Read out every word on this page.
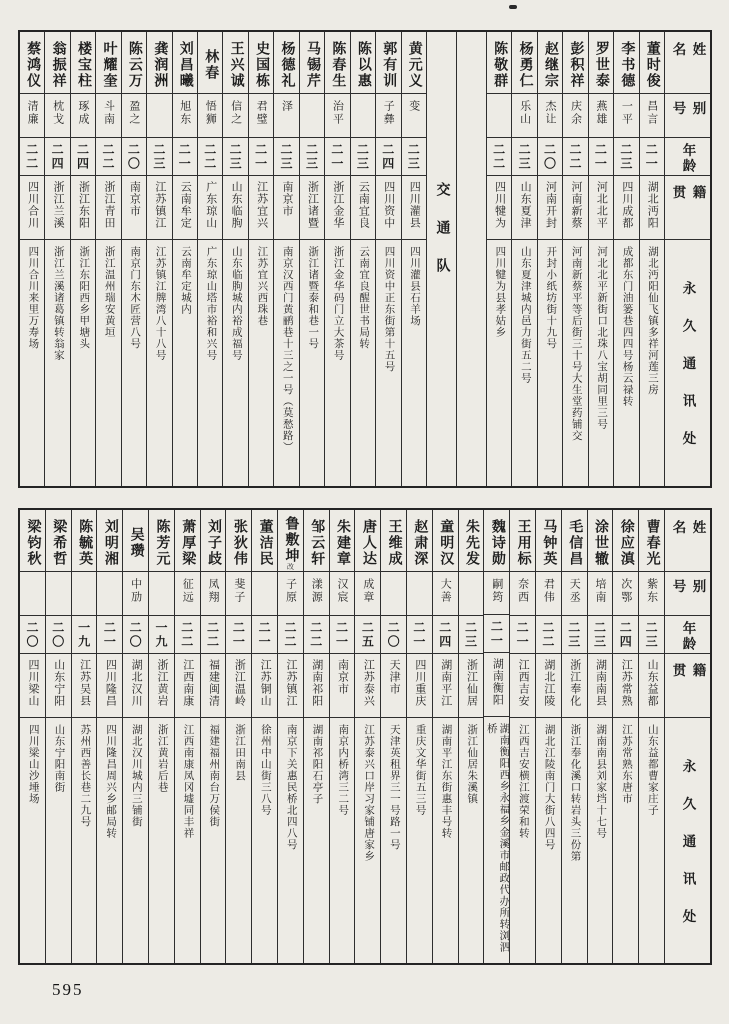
姓名
别号
年龄
籍贯
永久通讯处
董时俊
昌言
二一
湖北沔阳
湖北沔阳仙飞镇多祥河莲三房
李书德
一平
二三
四川成都
成都东门油篓巷四四号杨云禄转
罗世泰
燕雄
二一
河北北平
河北北平新街口北珠八宝胡同里三号
彭积祥
庆余
二二
河南新蔡
河南新蔡平等后街三十号大生堂药铺交
赵继宗
杰让
二〇
河南开封
开封小纸坊街十九号
杨勇仁
乐山
二三
山东夏津
山东夏津城内邑力街五二号
陈敬群
二二
四川犍为
四川犍为县孝姑乡
交通队
黄元义
变
二三
四川灌县
四川灌县石羊场
郭有训
子彝
二四
四川资中
四川资中正东街第十五号
陈以惠
二三
云南宜良
云南宜良醒世书局转
陈春生
治平
二一
浙江金华
浙江金华码门立大茶号
马锡芹
二三
浙江诸暨
浙江诸暨泰和巷一号
杨德礼
泽
二三
南京市
南京汉西门黄鹂巷十三之一号（莫愁路）
史国栋
君璧
二一
江苏宜兴
江苏宜兴西珠巷
王兴诚
信之
二三
山东临朐
山东临朐城内裕成福号
林春
悟狮
二二
广东琼山
广东琼山塔市裕和兴号
刘昌曦
旭东
二一
云南牟定
云南牟定城内
龚润洲
二三
江苏镇江
江苏镇江牌湾八十八号
陈云万
盈之
二〇
南京市
南京门东木匠营八号
叶耀奎
斗南
二二
浙江青田
浙江温州瑞安黄垣
楼宝柱
琢成
二四
浙江东阳
浙江东阳西乡甲塘头
翁振祥
枕戈
二四
浙江兰溪
浙江兰溪诸葛镇转翁家
蔡鸿仪
清廉
二二
四川合川
四川合川来里万寿场
姓名
别号
年龄
籍贯
永久通讯处
曹春光
紫东
二三
山东益都
山东益都曹家庄子
徐应滇
次鄂
二四
江苏常熟
江苏常熟东唐市
涂世辙
培南
二三
湖南南县
湖南南县刘家垱十七号
毛信昌
天丞
二三
浙江奉化
浙江奉化溪口转岩头三份第
马钟英
君伟
二二
湖北江陵
湖北江陵南门大街八四号
王用标
奈西
二一
江西吉安
江西吉安横江渡荣和转
魏诗勋
嗣筠
二一
湖南衡阳
湖南衡阳西乡永福乡金溪市邮政代办所转浏泗桥
朱先发
二三
浙江仙居
浙江仙居朱溪镇
童明汉
大善
二四
湖南平江
湖南平江东街惠丰号转
赵肃深
二一
四川重庆
重庆文华街五三号
王维成
二〇
天津市
天津英租界三一号路一号
唐人达
成章
二五
江苏泰兴
江苏泰兴口岸习家铺唐家乡
朱建章
汉宸
二一
南京市
南京内桥湾三二号
邹云轩
漾源
二二
湖南祁阳
湖南祁阳石亭子
鲁敷坤
改
子原
二二
江苏镇江
南京下关惠民桥北四八号
董洁民
二一
江苏铜山
徐州中山街三八号
张狄伟
斐子
二一
浙江温岭
浙江田南县
刘子歧
凤翔
二二
福建闽清
福建福州南台万侯街
萧厚梁
征远
二二
江西南康
江西南康凤冈墟同丰祥
陈芳元
一九
浙江黄岩
浙江黄岩后巷
吴瓒
中劢
二〇
湖北汉川
湖北汉川城内三铺街
刘明湘
二一
四川隆昌
四川隆昌周兴乡邮局转
陈毓英
一九
江苏吴县
苏州西善长巷二九号
梁希哲
二〇
山东宁阳
山东宁阳南街
梁钧秋
二〇
四川梁山
四川梁山沙埵场
595
